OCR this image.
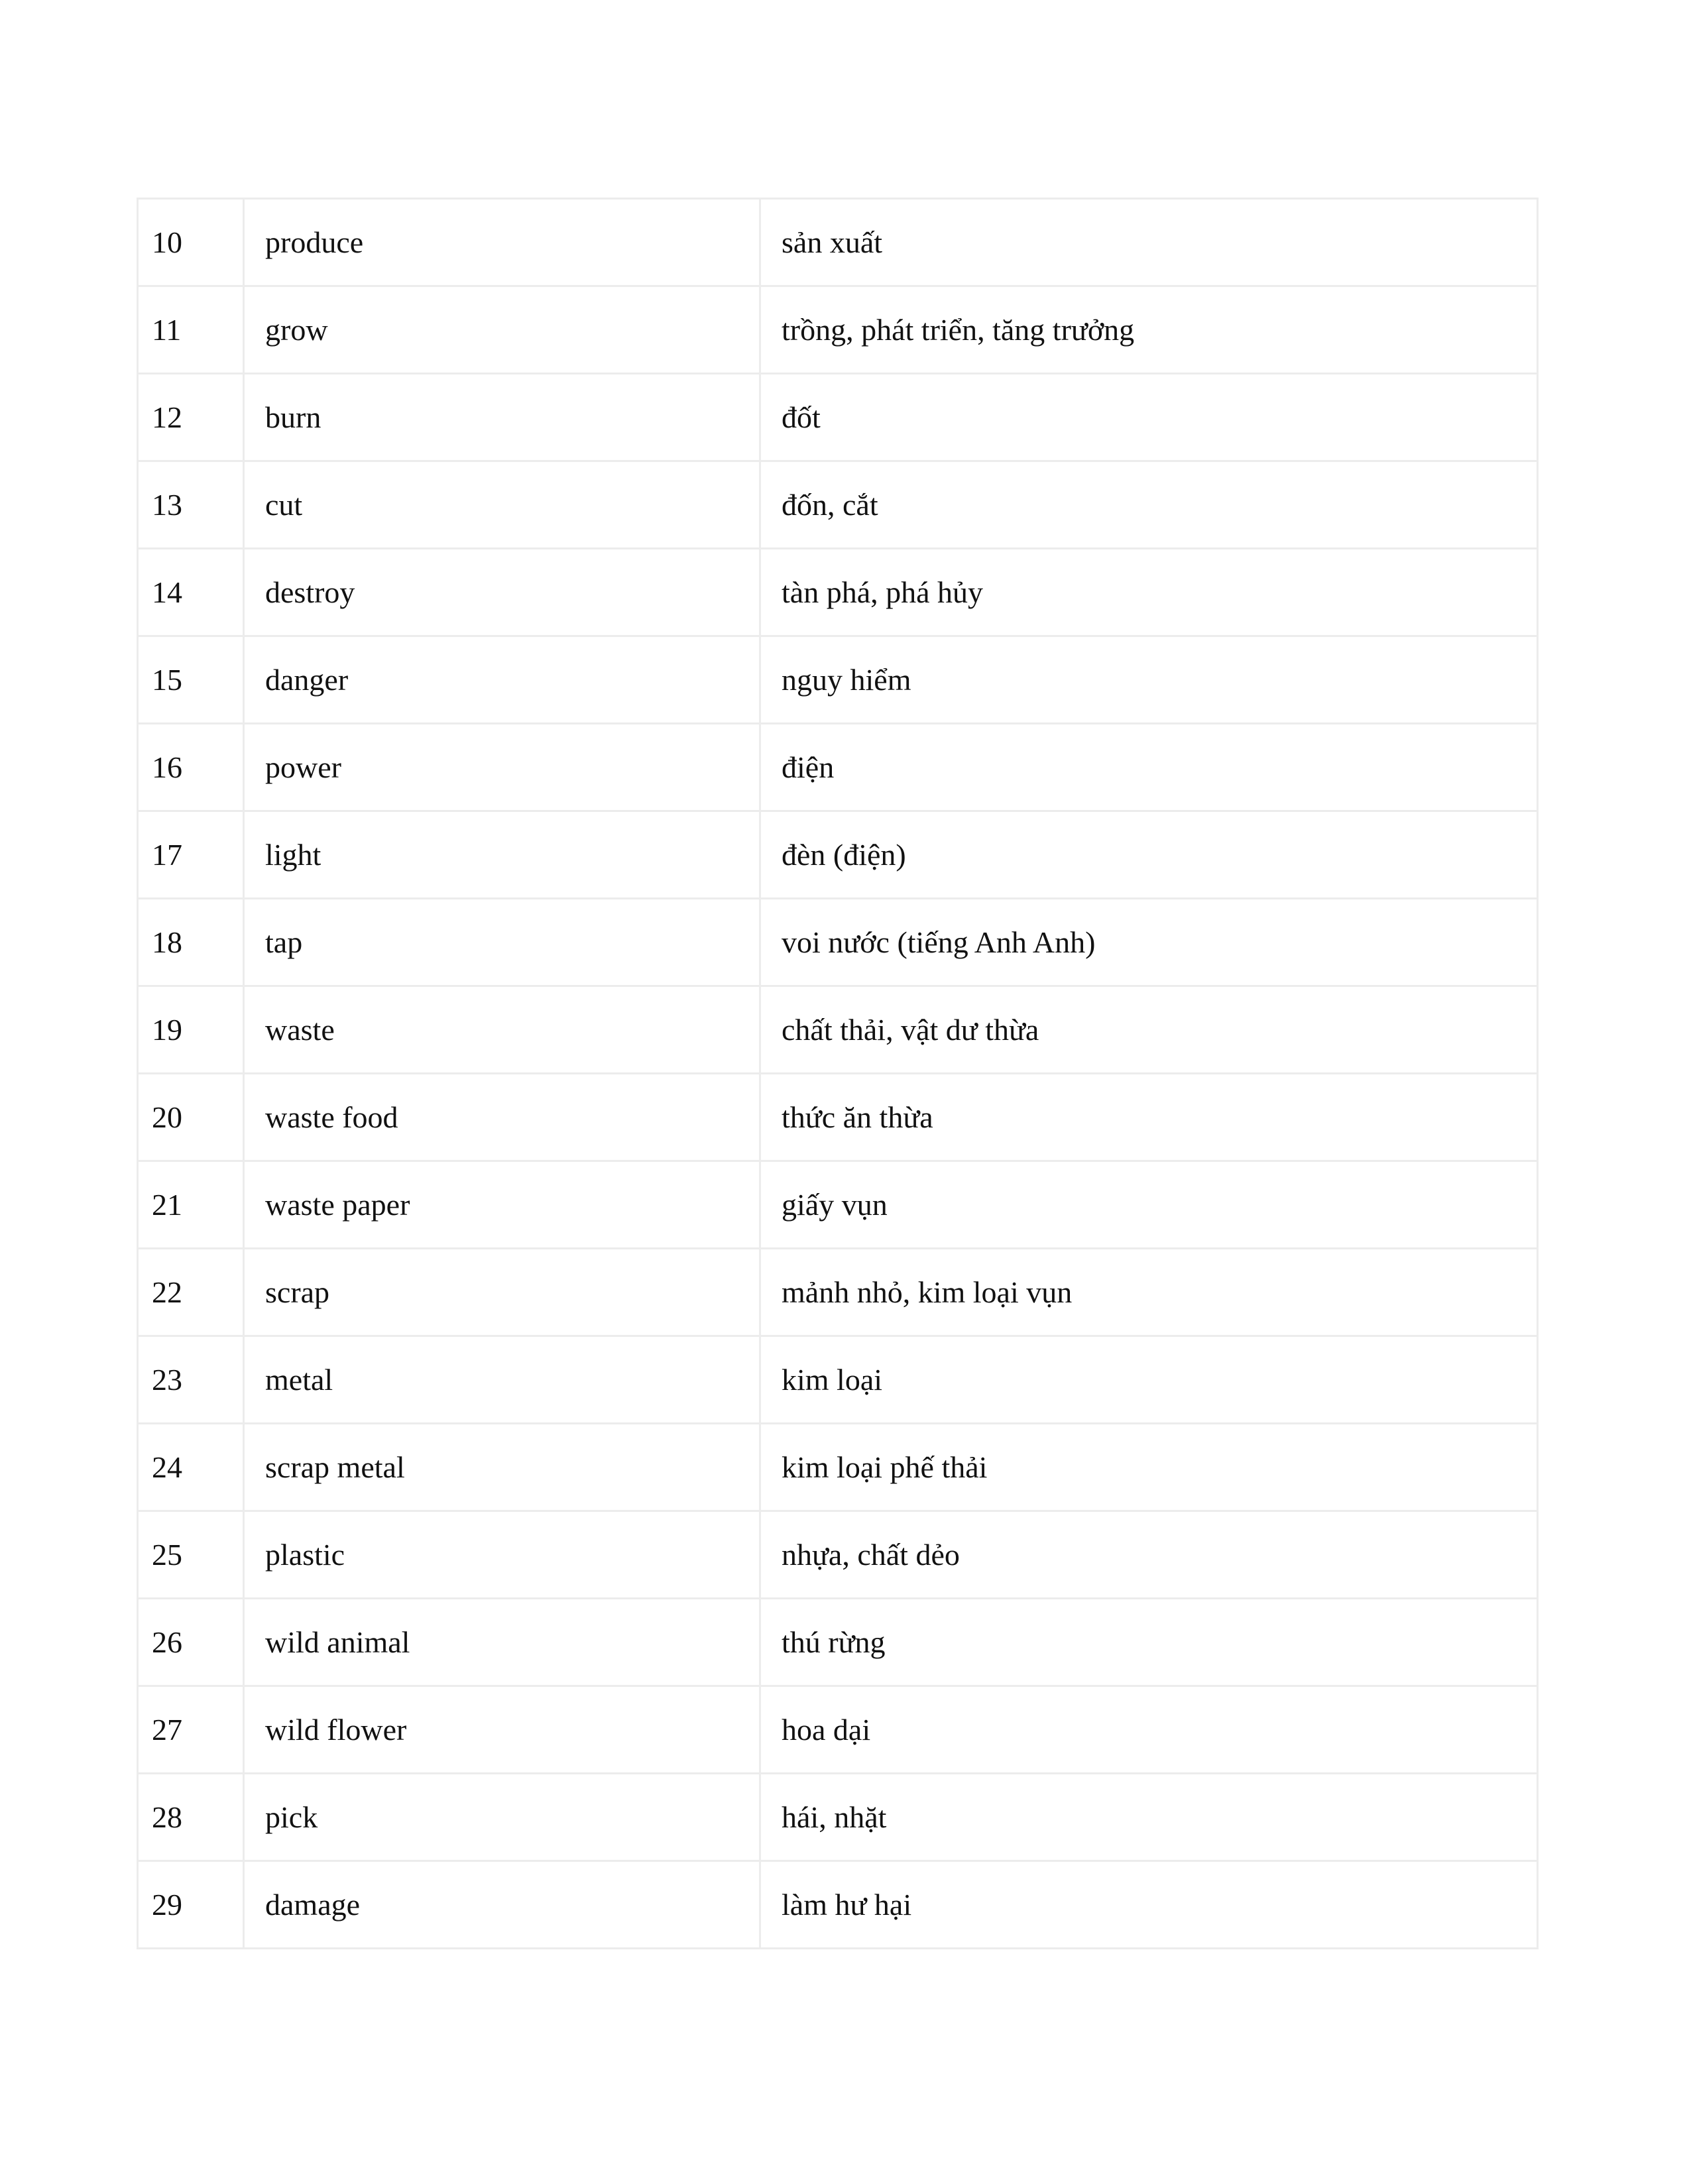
10	produce	sản xuất
11	grow	trồng, phát triển, tăng trưởng
12	burn	đốt
13	cut	đốn, cắt
14	destroy	tàn phá, phá hủy
15	danger	nguy hiểm
16	power	điện
17	light	đèn (điện)
18	tap	voi nước (tiếng Anh Anh)
19	waste	chất thải, vật dư thừa
20	waste food	thức ăn thừa
21	waste paper	giấy vụn
22	scrap	mảnh nhỏ, kim loại vụn
23	metal	kim loại
24	scrap metal	kim loại phế thải
25	plastic	nhựa, chất dẻo
26	wild animal	thú rừng
27	wild flower	hoa dại
28	pick	hái, nhặt
29	damage	làm hư hại
